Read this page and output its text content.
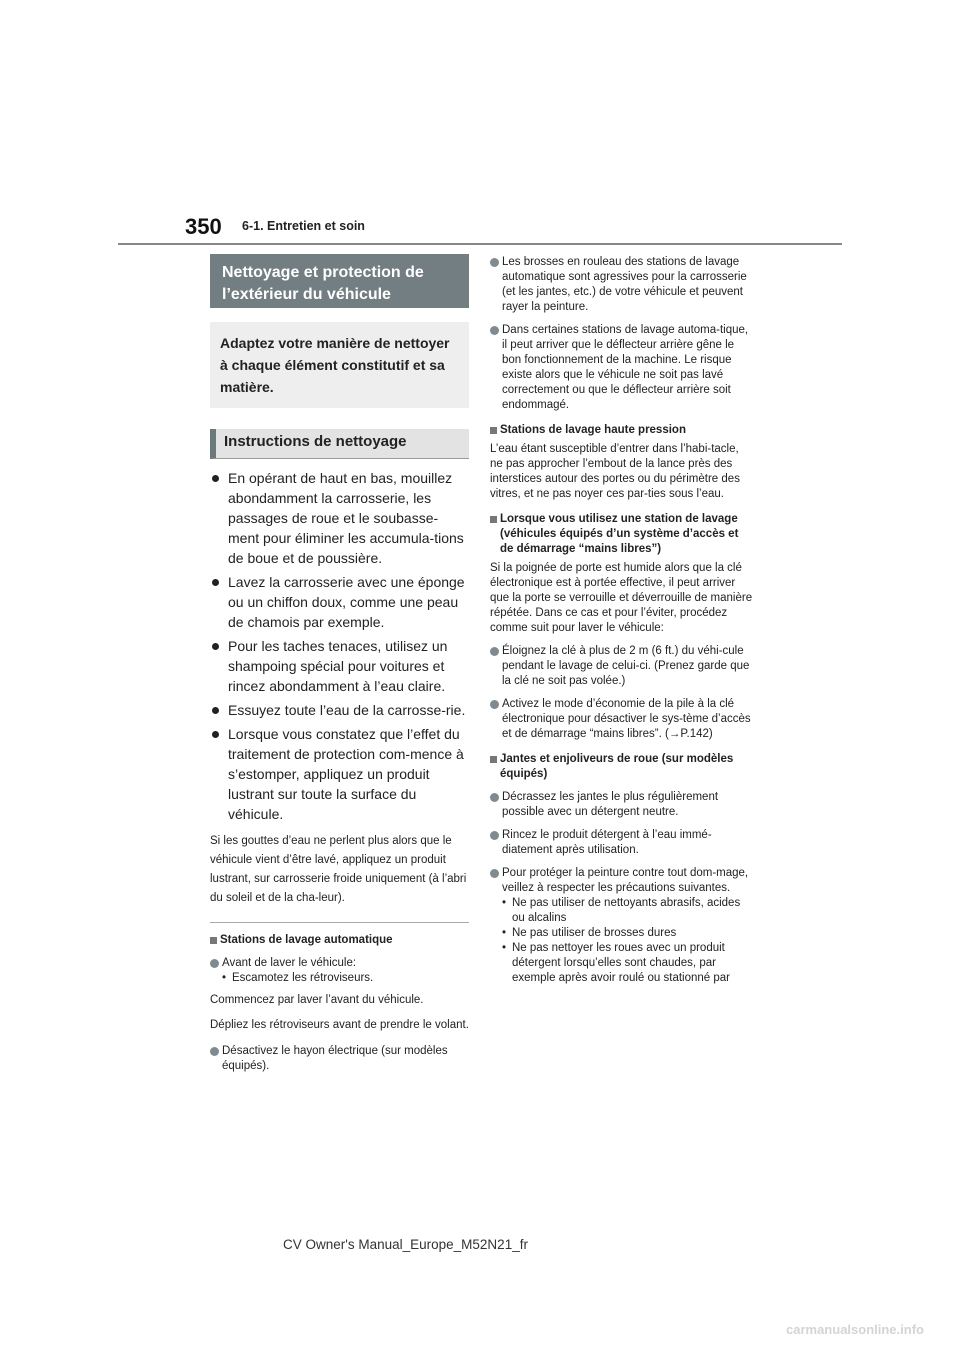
350 6-1. Entretien et soin
Nettoyage et protection de l’extérieur du véhicule
Adaptez votre manière de nettoyer à chaque élément constitutif et sa matière.
Instructions de nettoyage
En opérant de haut en bas, mouillez abondamment la carrosserie, les passages de roue et le soubasse-ment pour éliminer les accumula-tions de boue et de poussière.
Lavez la carrosserie avec une éponge ou un chiffon doux, comme une peau de chamois par exemple.
Pour les taches tenaces, utilisez un shampoing spécial pour voitures et rincez abondamment à l’eau claire.
Essuyez toute l’eau de la carrosse-rie.
Lorsque vous constatez que l’effet du traitement de protection com-mence à s’estomper, appliquez un produit lustrant sur toute la surface du véhicule.
Si les gouttes d’eau ne perlent plus alors que le véhicule vient d’être lavé, appliquez un produit lustrant, sur carrosserie froide uniquement (à l’abri du soleil et de la cha-leur).
Stations de lavage automatique
Avant de laver le véhicule:
• Escamotez les rétroviseurs.
Commencez par laver l’avant du véhicule.
Dépliez les rétroviseurs avant de prendre le volant.
Désactivez le hayon électrique (sur modèles équipés).
Les brosses en rouleau des stations de lavage automatique sont agressives pour la carrosserie (et les jantes, etc.) de votre véhicule et peuvent rayer la peinture.
Dans certaines stations de lavage automa-tique, il peut arriver que le déflecteur arrière gêne le bon fonctionnement de la machine. Le risque existe alors que le véhicule ne soit pas lavé correctement ou que le déflecteur arrière soit endommagé.
Stations de lavage haute pression
L’eau étant susceptible d’entrer dans l’habi-tacle, ne pas approcher l’embout de la lance près des interstices autour des portes ou du périmètre des vitres, et ne pas noyer ces par-ties sous l’eau.
Lorsque vous utilisez une station de lavage (véhicules équipés d’un système d’accès et de démarrage “mains libres”)
Si la poignée de porte est humide alors que la clé électronique est à portée effective, il peut arriver que la porte se verrouille et déverrouille de manière répétée. Dans ce cas et pour l’éviter, procédez comme suit pour laver le véhicule:
Éloignez la clé à plus de 2 m (6 ft.) du véhi-cule pendant le lavage de celui-ci. (Prenez garde que la clé ne soit pas volée.)
Activez le mode d’économie de la pile à la clé électronique pour désactiver le sys-tème d’accès et de démarrage “mains libres”. (→P.142)
Jantes et enjoliveurs de roue (sur modèles équipés)
Décrassez les jantes le plus régulièrement possible avec un détergent neutre.
Rincez le produit détergent à l’eau immé-diatement après utilisation.
Pour protéger la peinture contre tout dom-mage, veillez à respecter les précautions suivantes.
• Ne pas utiliser de nettoyants abrasifs, acides ou alcalins
• Ne pas utiliser de brosses dures
• Ne pas nettoyer les roues avec un produit détergent lorsqu’elles sont chaudes, par exemple après avoir roulé ou stationné par
CV Owner's Manual_Europe_M52N21_fr
carmanualsonline.info
